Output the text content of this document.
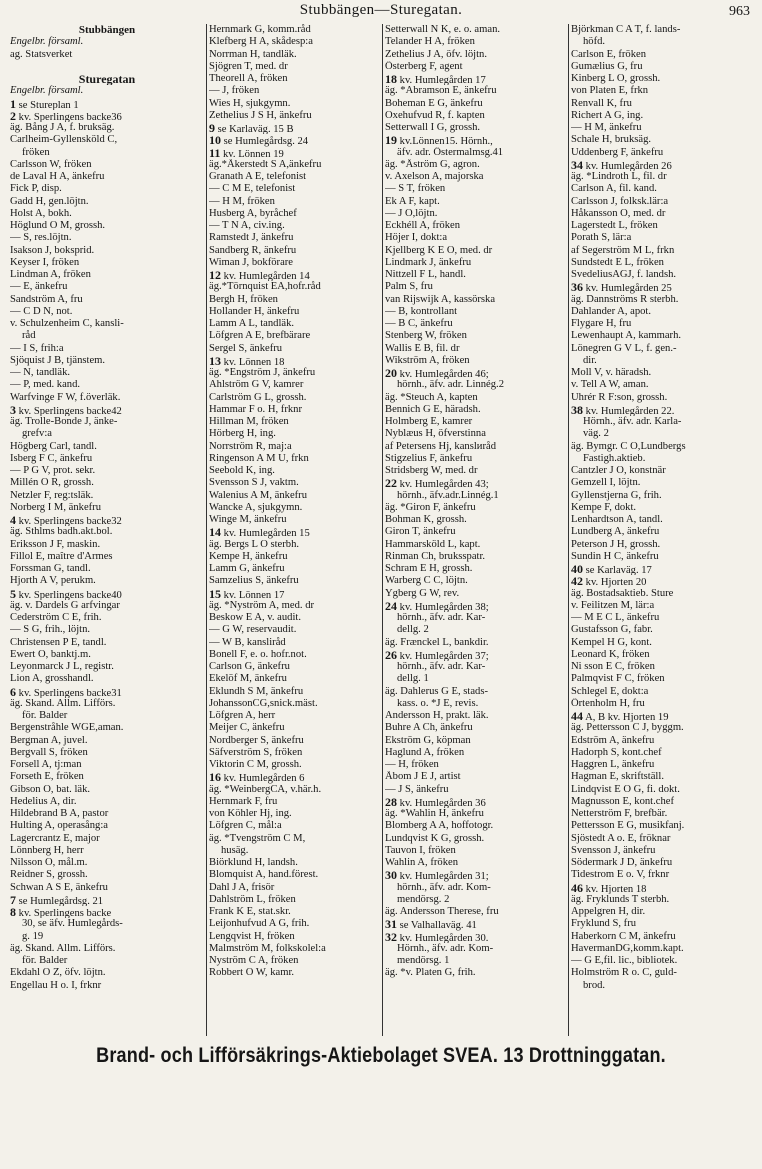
Stubbängen—Sturegatan.	963
Stubbängen
Engelbr. församl.
ag. Statsverket
Sturegatan
Engelbr. församl.
1 se Stureplan 1
2 kv. Sperlingens backe36
äg. Bång J A, f. bruksäg.
Carlheim-Gyllensköld C,
fröken
Carlsson W, fröken
de Laval H A, änkefru
Fick P, disp.
Gadd H, gen.löjtn.
Holst A, bokh.
Höglund O M, grossh.
— S, res.löjtn.
Isakson J, boksprid.
Keyser I, fröken
Lindman A, fröken
— E, änkefru
Sandström A, fru
— C D N, not.
v. Schulzenheim C, kansli-
råd
— I S, frih:a
Sjöquist J B, tjänstem.
— N, tandläk.
— P, med. kand.
Warfvinge F W, f.överläk.
3 kv. Sperlingens backe42
äg. Trolle-Bonde J, änke-
grefv:a
Högberg Carl, tandl.
Isberg F C, änkefru
— P G V, prot. sekr.
Millén O R, grossh.
Netzler F, reg:tsläk.
Norberg I M, änkefru
4 kv. Sperlingens backe32
äg. Sthlms badh.akt.bol.
Eriksson J F, maskin.
Fillol E, maître d'Armes
Forssman G, tandl.
Hjorth A V, perukm.
5 kv. Sperlingens backe40
äg. v. Dardels G arfvingar
Cederström C E, frih.
— S G, frih., löjtn.
Christensen P E, tandl.
Ewert O, banktj.m.
Leyonmarck J L, registr.
Lion A, grosshandl.
6 kv. Sperlingens backe31
äg. Skand. Allm. Lifförs.
för. Balder
Bergenstråhle WGE,aman.
Bergman A, juvel.
Bergvall S, fröken
Forsell A, tj:man
Forseth E, fröken
Gibson O, bat. läk.
Hedelius A, dir.
Hildebrand B A, pastor
Hulting A, operasång:a
Lagercrantz E, major
Lönnberg H, herr
Nilsson O, mål.m.
Reidner S, grossh.
Schwan A S E, änkefru
7 se Humlegårdsg. 21
8 kv. Sperlingens backe
30, se äfv. Humlegårds-
g. 19
äg. Skand. Allm. Lifförs.
för. Balder
Ekdahl O Z, öfv. löjtn.
Engellau H o. I, frknr
Hernmark G, komm.råd
Klefberg H A, skådesp:a
Norrman H, tandläk.
Sjögren T, med. dr
Theorell A, fröken
— J, fröken
Wies H, sjukgymn.
Zethelius J S H, änkefru
9 se Karlaväg. 15 B
10 se Humlegårdsg. 24
11 kv. Lönnen 19
äg.*Åkerstedt S A,änkefru
Granath A E, telefonist
— C M E, telefonist
— H M, fröken
Husberg A, byråchef
— T N A, civ.ing.
Ramstedt J, änkefru
Sandberg R, änkefru
Wiman J, bokförare
12 kv. Humlegården 14
äg.*Törnquist EA,hofr.råd
Bergh H, fröken
Hollander H, änkefru
Lamm A L, tandläk.
Löfgren A E, brefbärare
Sergel S, änkefru
13 kv. Lönnen 18
äg. *Engström J, änkefru
Ahlström G V, kamrer
Carlström G L, grossh.
Hammar F o. H, frknr
Hillman M, fröken
Hörberg H, ing.
Norrström R, maj:a
Ringenson A M U, frkn
Seebold K, ing.
Svensson S J, vaktm.
Walenius A M, änkefru
Wancke A, sjukgymn.
Winge M, änkefru
14 kv. Humlegården 15
äg. Bergs L O sterbh.
Kempe H, änkefru
Lamm G, änkefru
Samzelius S, änkefru
15 kv. Lönnen 17
äg. *Nyström A, med. dr
Beskow E A, v. audit.
— G W, reservaudit.
— W B, kansliråd
Bonell F, e. o. hofr.not.
Carlson G, änkefru
Ekelöf M, änkefru
Eklundh S M, änkefru
JohanssonCG,snick.mäst.
Löfgren A, herr
Meijer C, änkefru
Nordberger S, änkefru
Säfverström S, fröken
Viktorin C M, grossh.
16 kv. Humlegården 6
äg. *WeinbergCA, v.här.h.
Hernmark F, fru
von Köhler Hj, ing.
Löfgren C, mål:a
äg. *Tvengström C M,
husäg.
Biörklund H, landsh.
Blomquist A, hand.förest.
Dahl J A, frisör
Dahlström L, fröken
Frank K E, stat.skr.
Leijonhufvud A G, frih.
Lengqvist H, fröken
Malmström M, folkskolel:a
Nyström C A, fröken
Robbert O W, kamr.
Setterwall N K, e. o. aman.
Telander H A, fröken
Zethelius J A, öfv. löjtn.
Österberg F, agent
18 kv. Humlegården 17
äg. *Abramson E, änkefru
Boheman E G, änkefru
Oxehufvud R, f. kapten
Setterwall I G, grossh.
19 kv.Lönnen15. Hörnh.,
äfv. adr. Östermalmsg.41
äg. *Åström G, agron.
v. Axelson A, majorska
— S T, fröken
Ek A F, kapt.
— J O,löjtn.
Eckhéll A, fröken
Höjer I, dokt:a
Kjellberg K E O, med. dr
Lindmark J, änkefru
Nittzell F L, handl.
Palm S, fru
van Rijswijk A, kassörska
— B, kontrollant
— B C, änkefru
Stenberg W, fröken
Wallis E B, fil. dr
Wikström A, fröken
20 kv. Humlegården 46;
hörnh., äfv. adr. Linnég.2
äg. *Steuch A, kapten
Bennich G E, häradsh.
Holmberg E, kamrer
Nyblæus H, öfverstinna
af Petersens Hj, kanslиråd
Stigzelius F, änkefru
Stridsberg W, med. dr
22 kv. Humlegården 43;
hörnh., äfv.adr.Linnég.1
äg. *Giron F, änkefru
Bohman K, grossh.
Giron T, änkefru
Hammarsköld L, kapt.
Rinman Ch, bruksspatr.
Schram E H, grossh.
Warberg C C, löjtn.
Ygberg G W, rev.
24 kv. Humlegården 38;
hörnh., äfv. adr. Kar-
dellg. 2
äg. Frænckel L, bankdir.
26 kv. Humlegården 37;
hörnh., äfv. adr. Kar-
dellg. 1
äg. Dahlerus G E, stads-
kass. o. *J E, revis.
Andersson H, prakt. läk.
Buhre A Ch, änkefru
Ekström G, köpman
Haglund A, fröken
— H, fröken
Åbom J E J, artist
— J S, änkefru
28 kv. Humlegården 36
äg. *Wahlin H, änkefru
Blomberg A A, hoffotogr.
Lundqvist K G, grossh.
Tauvon I, fröken
Wahlin A, fröken
30 kv. Humlegården 31;
hörnh., äfv. adr. Kom-
mendörsg. 2
äg. Andersson Therese, fru
31 se Valhallaväg. 41
32 kv. Humlegården 30.
Hörnh., äfv. adr. Kom-
mendörsg. 1
äg. *v. Platen G, frih.
Björkman C A T, f. lands-
höfd.
Carlson E, fröken
Gumælius G, fru
Kinberg L O, grossh.
von Platen E, frkn
Renvall K, fru
Richert A G, ing.
— H M, änkefru
Schale H, bruksäg.
Uddenberg F, änkefru
34 kv. Humlegården 26
äg. *Lindroth L, fil. dr
Carlson A, fil. kand.
Carlsson J, folksk.lär:a
Håkansson O, med. dr
Lagerstedt L, fröken
Porath S, lär:a
af Segerström M L, frkn
Sundstedt E L, fröken
SvedeliusAGJ, f. landsh.
36 kv. Humlegården 25
äg. Dannströms R sterbh.
Dahlander A, apot.
Flygare H, fru
Lewenhaupt A, kammarh.
Lönegren G V L, f. gen.-
dir.
Moll V, v. häradsh.
v. Tell A W, aman.
Uhrér R F:son, grossh.
38 kv. Humlegården 22.
Hörnh., äfv. adr. Karla-
väg. 2
äg. Bymgr. C O,Lundbergs
Fastigh.aktieb.
Cantzler J O, konstnär
Gemzell I, löjtn.
Gyllenstjerna G, frih.
Kempe F, dokt.
Lenhardtson A, tandl.
Lundberg A, änkefru
Peterson J H, grossh.
Sundin H C, änkefru
40 se Karlaväg. 17
42 kv. Hjorten 20
äg. Bostadsaktieb. Sture
v. Feilitzen M, lär:a
— M E C L, änkefru
Gustafsson G, fabr.
Kempel H G, kont.
Leonard K, fröken
Ni sson E C, fröken
Palmqvist F C, fröken
Schlegel E, dokt:a
Örtenholm H, fru
44 A, B kv. Hjorten 19
äg. Pettersson C J, byggm.
Edström A, änkefru
Hadorph S, kont.chef
Haggren L, änkefru
Hagman E, skriftställ.
Lindqvist E O G, fi. dokt.
Magnusson E, kont.chef
Netterström F, brefbär.
Pettersson E G, musikfanj.
Sjöstedt A o. E, fröknar
Svensson J, änkefru
Södermark J D, änkefru
Tidestrom E o. V, frknr
46 kv. Hjorten 18
äg. Fryklunds T sterbh.
Appelgren H, dir.
Fryklund S, fru
Haberkorn C M, änkefru
HavermanDG,komm.kapt.
— G E,fil. lic., bibliotek.
Holmström R o. C, guld-
brod.
Brand- och Lifförsäkrings-Aktiebolaget SVEA. 13 Drottninggatan.
